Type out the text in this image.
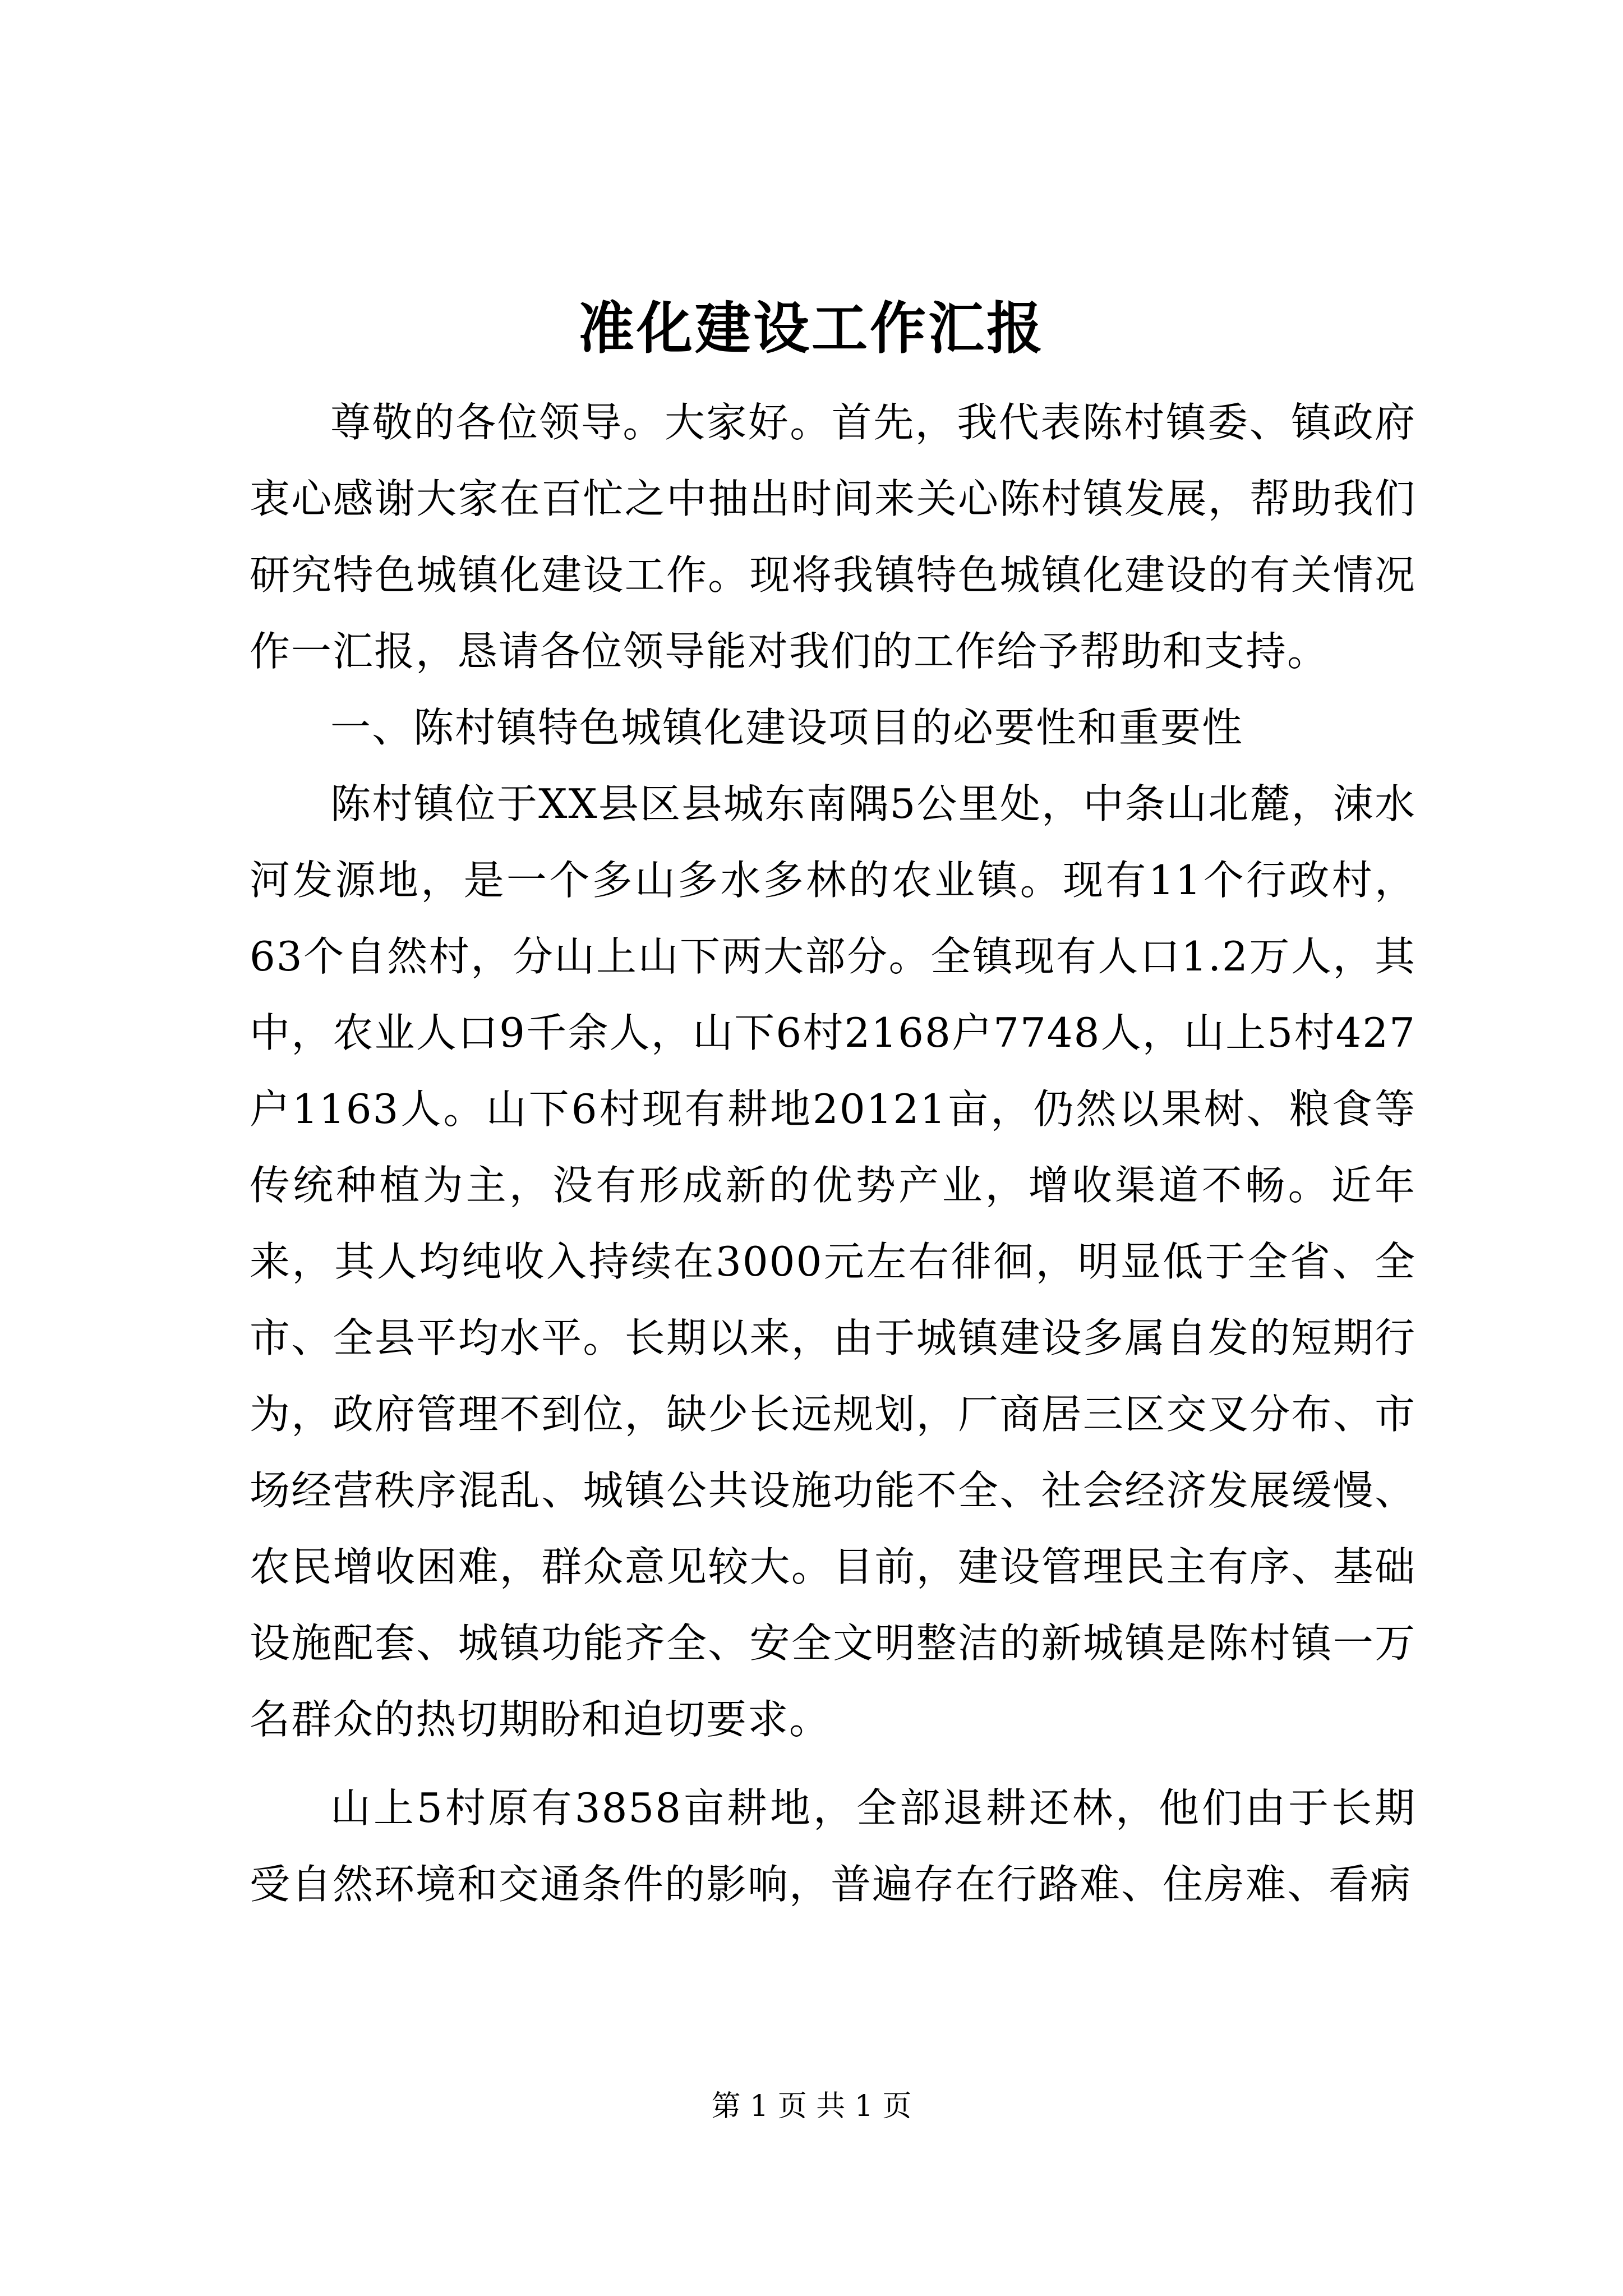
准化建设工作汇报

尊敬的各位领导。大家好。首先，我代表陈村镇委、镇政府衷心感谢大家在百忙之中抽出时间来关心陈村镇发展，帮助我们研究特色城镇化建设工作。现将我镇特色城镇化建设的有关情况作一汇报，恳请各位领导能对我们的工作给予帮助和支持。

一、陈村镇特色城镇化建设项目的必要性和重要性

陈村镇位于XX县区县城东南隅5公里处，中条山北麓，涑水河发源地，是一个多山多水多林的农业镇。现有11个行政村，63个自然村，分山上山下两大部分。全镇现有人口1.2万人，其中，农业人口9千余人，山下6村2168户7748人，山上5村427户1163人。山下6村现有耕地20121亩，仍然以果树、粮食等传统种植为主，没有形成新的优势产业，增收渠道不畅。近年来，其人均纯收入持续在3000元左右徘徊，明显低于全省、全市、全县平均水平。长期以来，由于城镇建设多属自发的短期行为，政府管理不到位，缺少长远规划，厂商居三区交叉分布、市场经营秩序混乱、城镇公共设施功能不全、社会经济发展缓慢、农民增收困难，群众意见较大。目前，建设管理民主有序、基础设施配套、城镇功能齐全、安全文明整洁的新城镇是陈村镇一万名群众的热切期盼和迫切要求。

山上5村原有3858亩耕地，全部退耕还林，他们由于长期受自然环境和交通条件的影响，普遍存在行路难、住房难、看病

第 1 页 共 1 页
